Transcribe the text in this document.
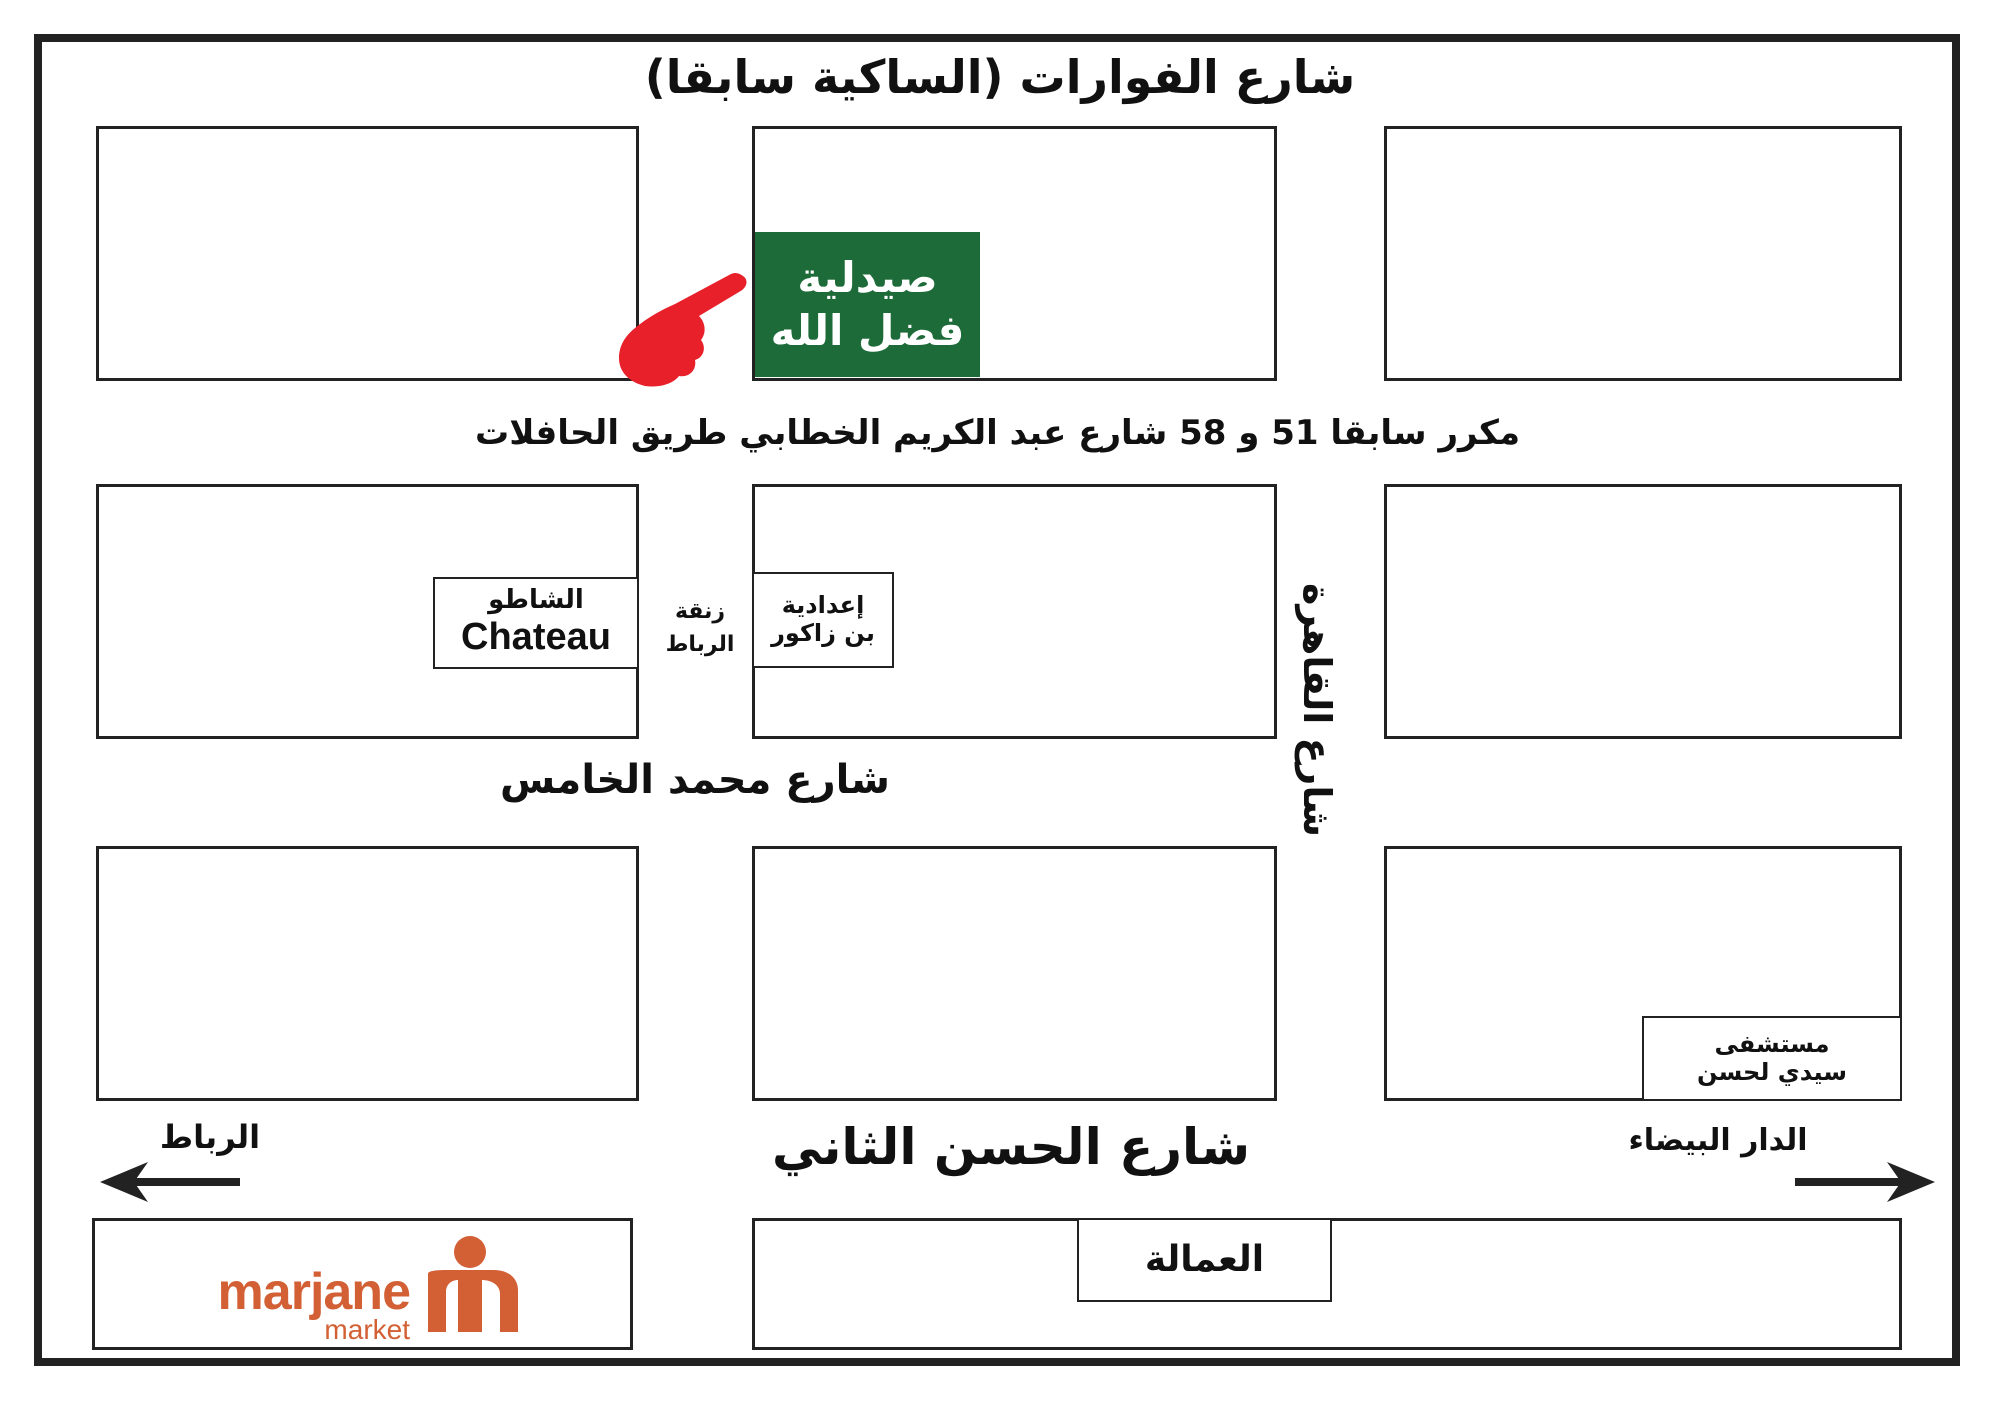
شارع الفوارات (الساكية سابقا)
مكرر سابقا 51 و 58 شارع عبد الكريم الخطابي طريق الحافلات
شارع محمد الخامس
شارع الحسن الثاني
شارع القاهرة
زنقة
الرباط
صيدلية
فضل الله
الشاطو
Chateau
إعدادية
بن زاكور
مستشفى
سيدي لحسن
العمالة
الرباط	الدار البيضاء
marjane
market
